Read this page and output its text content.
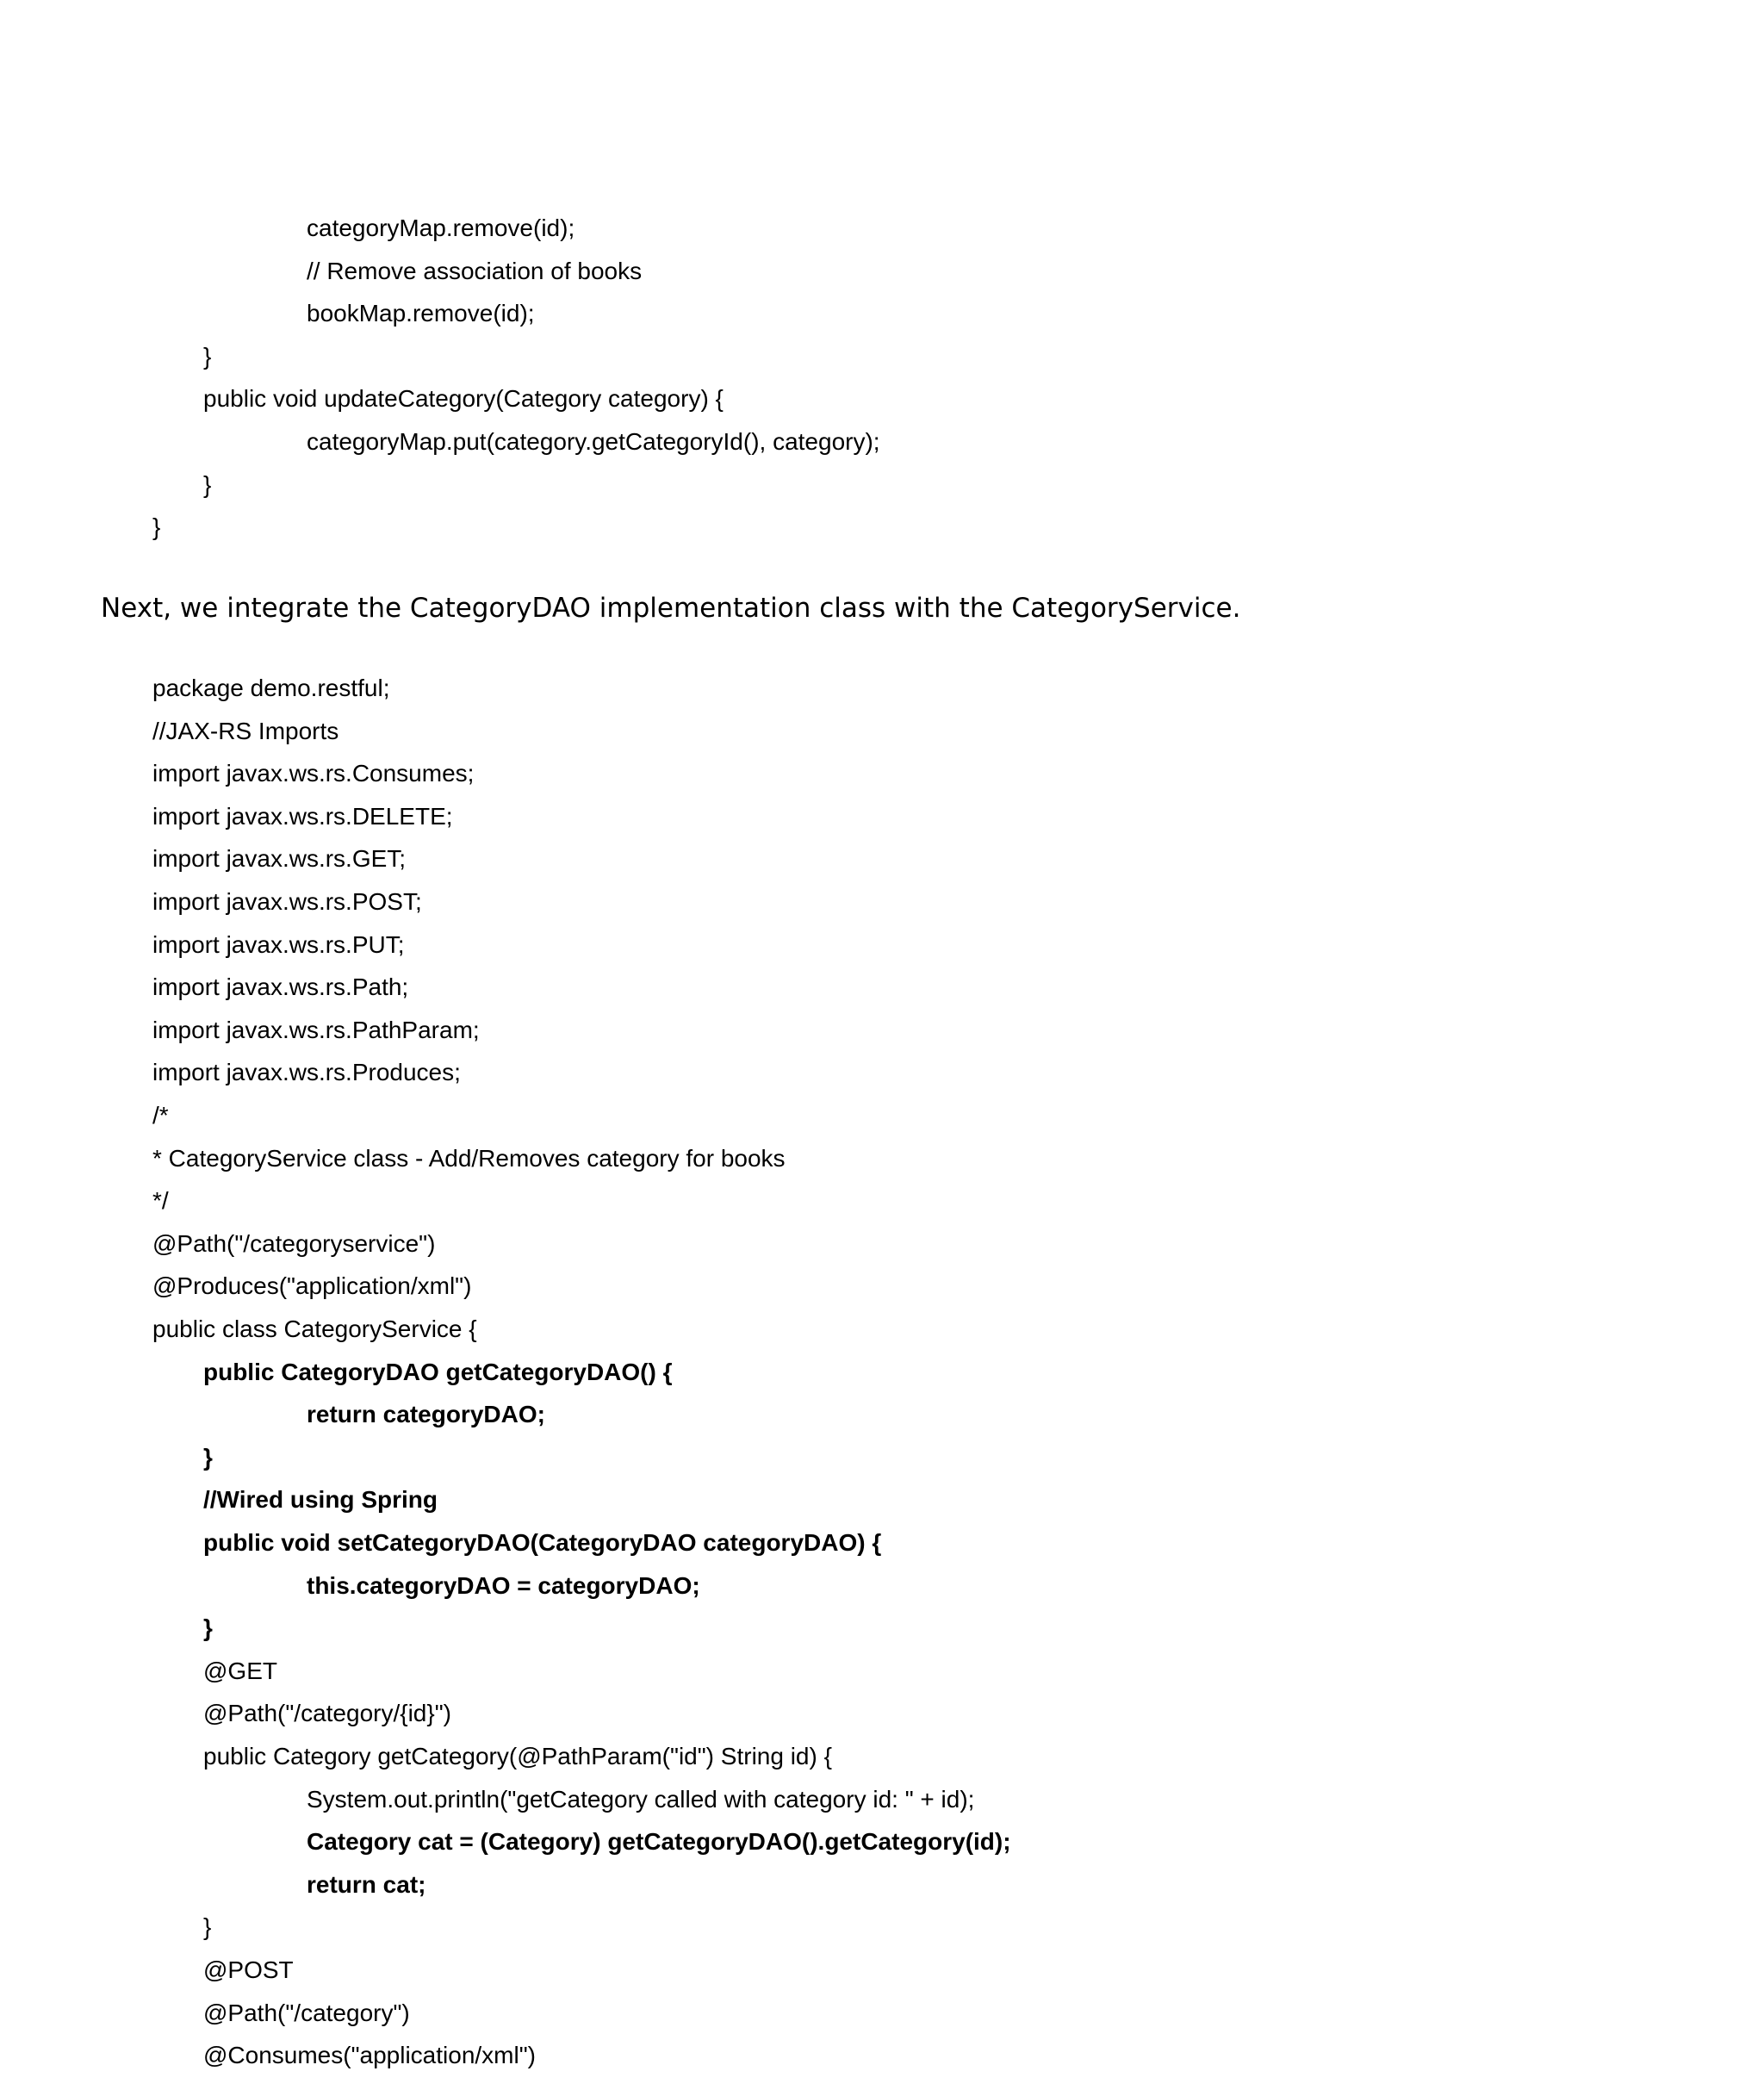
categoryMap.remove(id);
// Remove association of books
bookMap.remove(id);
}
public void updateCategory(Category category) {
categoryMap.put(category.getCategoryId(), category);
}
}
Next, we integrate the CategoryDAO implementation class with the CategoryService.
package demo.restful;
//JAX-RS Imports
import javax.ws.rs.Consumes;
import javax.ws.rs.DELETE;
import javax.ws.rs.GET;
import javax.ws.rs.POST;
import javax.ws.rs.PUT;
import javax.ws.rs.Path;
import javax.ws.rs.PathParam;
import javax.ws.rs.Produces;
/*
* CategoryService class - Add/Removes category for books
*/
@Path("/categoryservice")
@Produces("application/xml")
public class CategoryService {
public CategoryDAO getCategoryDAO() {
return categoryDAO;
}
//Wired using Spring
public void setCategoryDAO(CategoryDAO categoryDAO) {
this.categoryDAO = categoryDAO;
}
@GET
@Path("/category/{id}")
public Category getCategory(@PathParam("id") String id) {
System.out.println("getCategory called with category id: " + id);
Category cat = (Category) getCategoryDAO().getCategory(id);
return cat;
}
@POST
@Path("/category")
@Consumes("application/xml")
